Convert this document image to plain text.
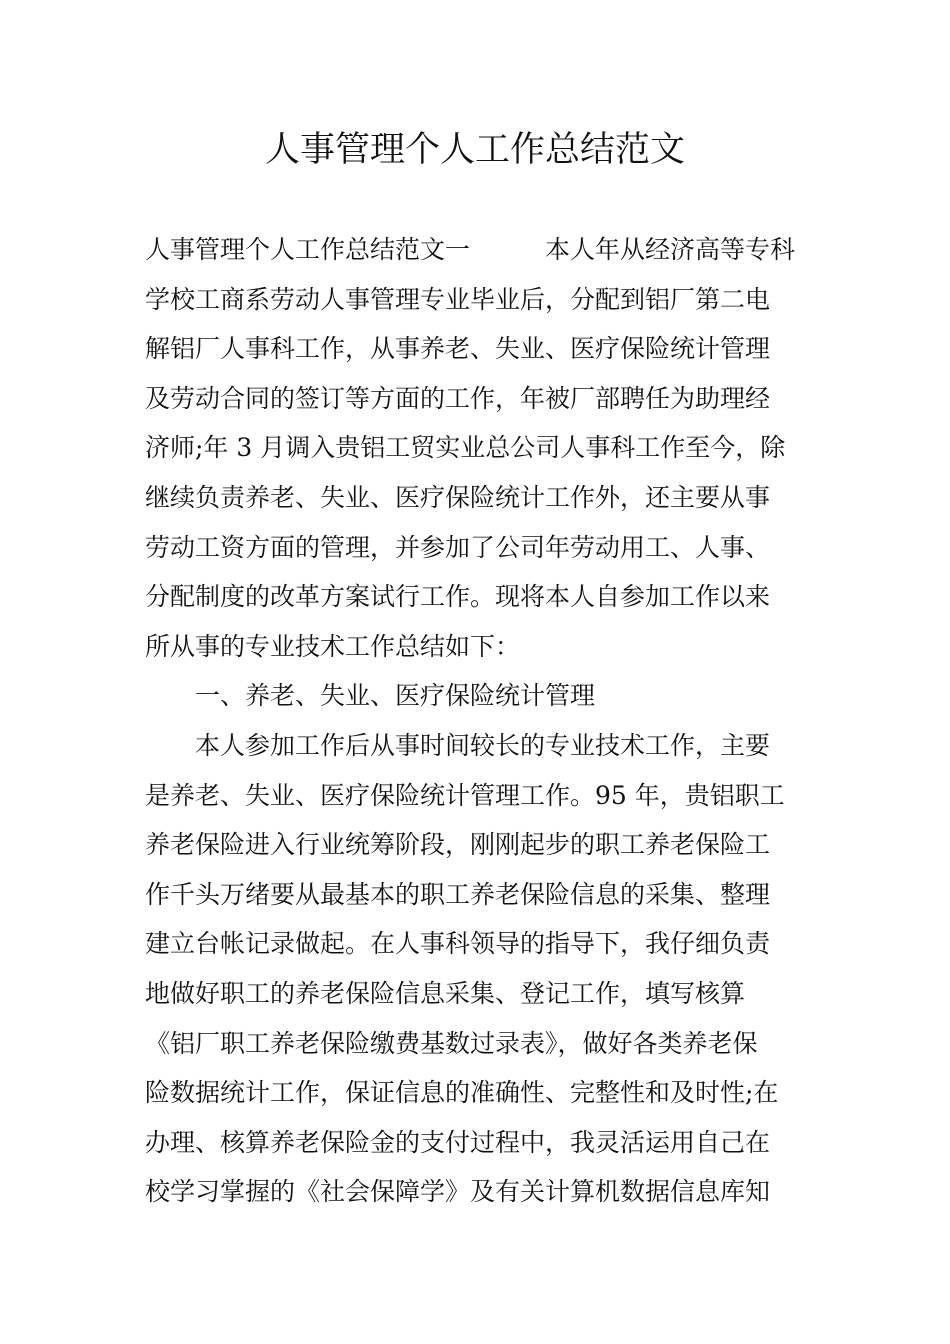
人事管理个人工作总结范文
人事管理个人工作总结范文一　　　本人年从经济高等专科
学校工商系劳动人事管理专业毕业后，分配到铝厂第二电
解铝厂人事科工作，从事养老、失业、医疗保险统计管理
及劳动合同的签订等方面的工作，年被厂部聘任为助理经
济师;年 3 月调入贵铝工贸实业总公司人事科工作至今，除
继续负责养老、失业、医疗保险统计工作外，还主要从事
劳动工资方面的管理，并参加了公司年劳动用工、人事、
分配制度的改革方案试行工作。现将本人自参加工作以来
所从事的专业技术工作总结如下：
一、养老、失业、医疗保险统计管理
本人参加工作后从事时间较长的专业技术工作，主要
是养老、失业、医疗保险统计管理工作。95 年，贵铝职工
养老保险进入行业统筹阶段，刚刚起步的职工养老保险工
作千头万绪要从最基本的职工养老保险信息的采集、整理
建立台帐记录做起。在人事科领导的指导下，我仔细负责
地做好职工的养老保险信息采集、登记工作，填写核算
《铝厂职工养老保险缴费基数过录表》，做好各类养老保
险数据统计工作，保证信息的准确性、完整性和及时性;在
办理、核算养老保险金的支付过程中，我灵活运用自己在
校学习掌握的《社会保障学》及有关计算机数据信息库知
